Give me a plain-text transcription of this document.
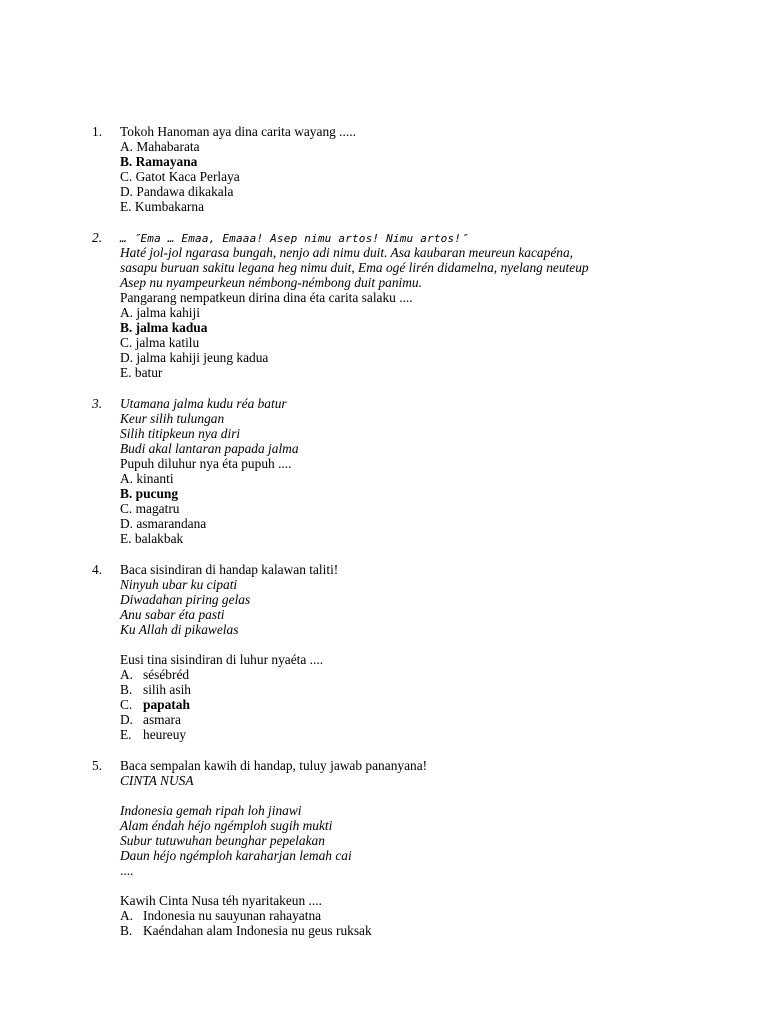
1.	Tokoh Hanoman aya dina carita wayang .....
A. Mahabarata
B. Ramayana
C. Gatot Kaca Perlaya
D. Pandawa dikakala
E. Kumbakarna
2.	… ″Ema … Emaa, Emaaa! Asep nimu artos! Nimu artos!″
Haté jol-jol ngarasa bungah, nenjo adi nimu duit. Asa kaubaran meureun kacapéna,
sasapu buruan sakitu legana heg nimu duit, Ema ogé lirén didamelna, nyelang neuteup
Asep nu nyampeurkeun némbong-némbong duit panimu.
Pangarang nempatkeun dirina dina éta carita salaku ....
A. jalma kahiji
B. jalma kadua
C. jalma katilu
D. jalma kahiji jeung kadua
E. batur
3.	Utamana jalma kudu réa batur
Keur silih tulungan
Silih titipkeun nya diri
Budi akal lantaran papada jalma
Pupuh diluhur nya éta pupuh ....
A. kinanti
B. pucung
C. magatru
D. asmarandana
E. balakbak
4.	Baca sisindiran di handap kalawan taliti!
Ninyuh ubar ku cipati
Diwadahan piring gelas
Anu sabar éta pasti
Ku Allah di pikawelas
Eusi tina sisindiran di luhur nyaéta ....
A. sésébréd
B. silih asih
C. papatah
D. asmara
E. heureuy
5.	Baca sempalan kawih di handap, tuluy jawab pananyana!
CINTA NUSA
Indonesia gemah ripah loh jinawi
Alam éndah héjo ngémploh sugih mukti
Subur tutuwuhan beunghar pepelakan
Daun héjo ngémploh karaharjan lemah cai
....
Kawih Cinta Nusa téh nyaritakeun ....
A. Indonesia nu sauyunan rahayatna
B. Kaéndahan alam Indonesia nu geus ruksak
